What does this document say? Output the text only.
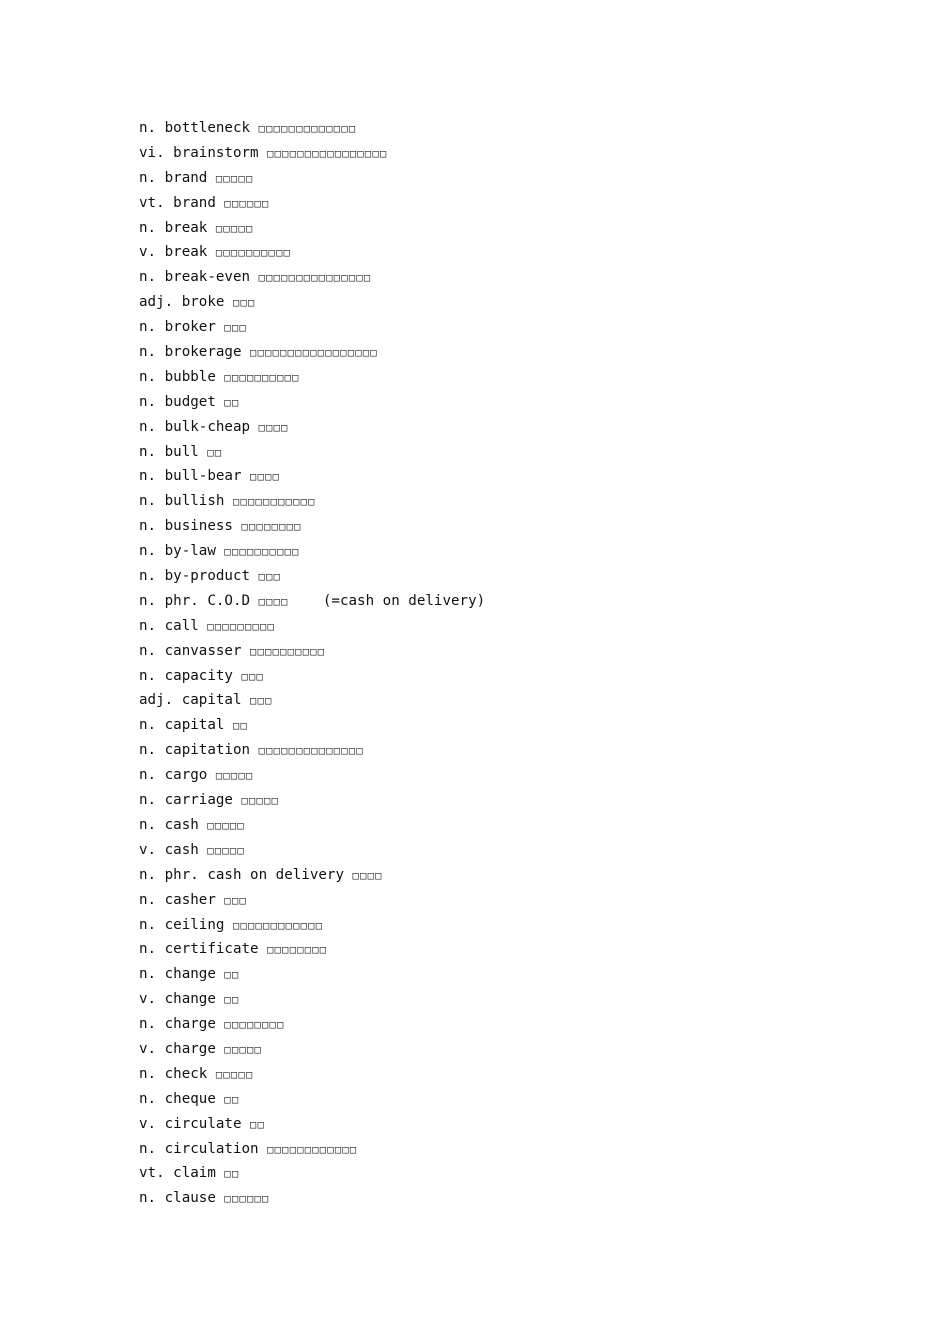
n. bottleneck □□□□□□□□□□□□□
vi. brainstorm □□□□□□□□□□□□□□□□
n. brand □□□□□
vt. brand □□□□□□
n. break □□□□□
v. break □□□□□□□□□□
n. break-even □□□□□□□□□□□□□□□
adj. broke □□□
n. broker □□□
n. brokerage □□□□□□□□□□□□□□□□□
n. bubble □□□□□□□□□□
n. budget □□
n. bulk-cheap □□□□
n. bull □□
n. bull-bear □□□□
n. bullish □□□□□□□□□□□
n. business □□□□□□□□
n. by-law □□□□□□□□□□
n. by-product □□□
n. phr. C.O.D □□□□ (=cash on delivery)
n. call □□□□□□□□□
n. canvasser □□□□□□□□□□
n. capacity □□□
adj. capital □□□
n. capital □□
n. capitation □□□□□□□□□□□□□□
n. cargo □□□□□
n. carriage □□□□□
n. cash □□□□□
v. cash □□□□□
n. phr. cash on delivery □□□□
n. casher □□□
n. ceiling □□□□□□□□□□□□
n. certificate □□□□□□□□
n. change □□
v. change □□
n. charge □□□□□□□□
v. charge □□□□□
n. check □□□□□
n. cheque □□
v. circulate □□
n. circulation □□□□□□□□□□□□
vt. claim □□
n. clause □□□□□□
